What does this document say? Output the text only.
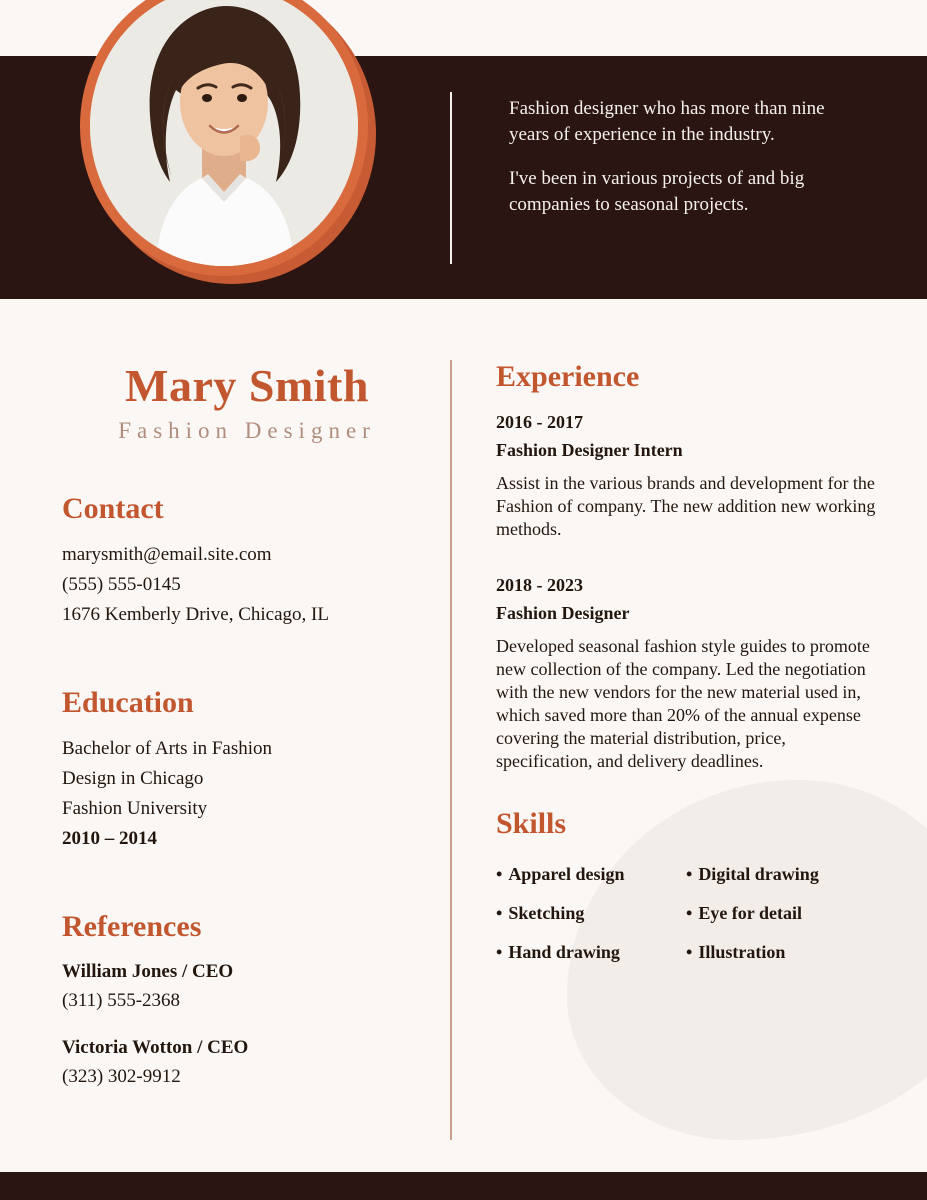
Fashion designer who has more than nine years of experience in the industry.

I've been in various projects of and big companies to seasonal projects.

Mary Smith
Fashion Designer
Contact
marysmith@email.site.com
(555) 555-0145
1676 Kemberly Drive, Chicago, IL
Education
Bachelor of Arts in Fashion
Design in Chicago
Fashion University
2010 – 2014
References
William Jones / CEO
(311) 555-2368
Victoria Wotton / CEO
(323) 302-9912
Experience
2016 - 2017
Fashion Designer Intern
Assist in the various brands and development for the Fashion of company. The new addition new working methods.
2018 - 2023
Fashion Designer
Developed seasonal fashion style guides to promote new collection of the company. Led the negotiation with the new vendors for the new material used in, which saved more than 20% of the annual expense covering the material distribution, price, specification, and delivery deadlines.
Skills
• Apparel design	• Digital drawing
• Sketching	• Eye for detail
• Hand drawing	• Illustration
